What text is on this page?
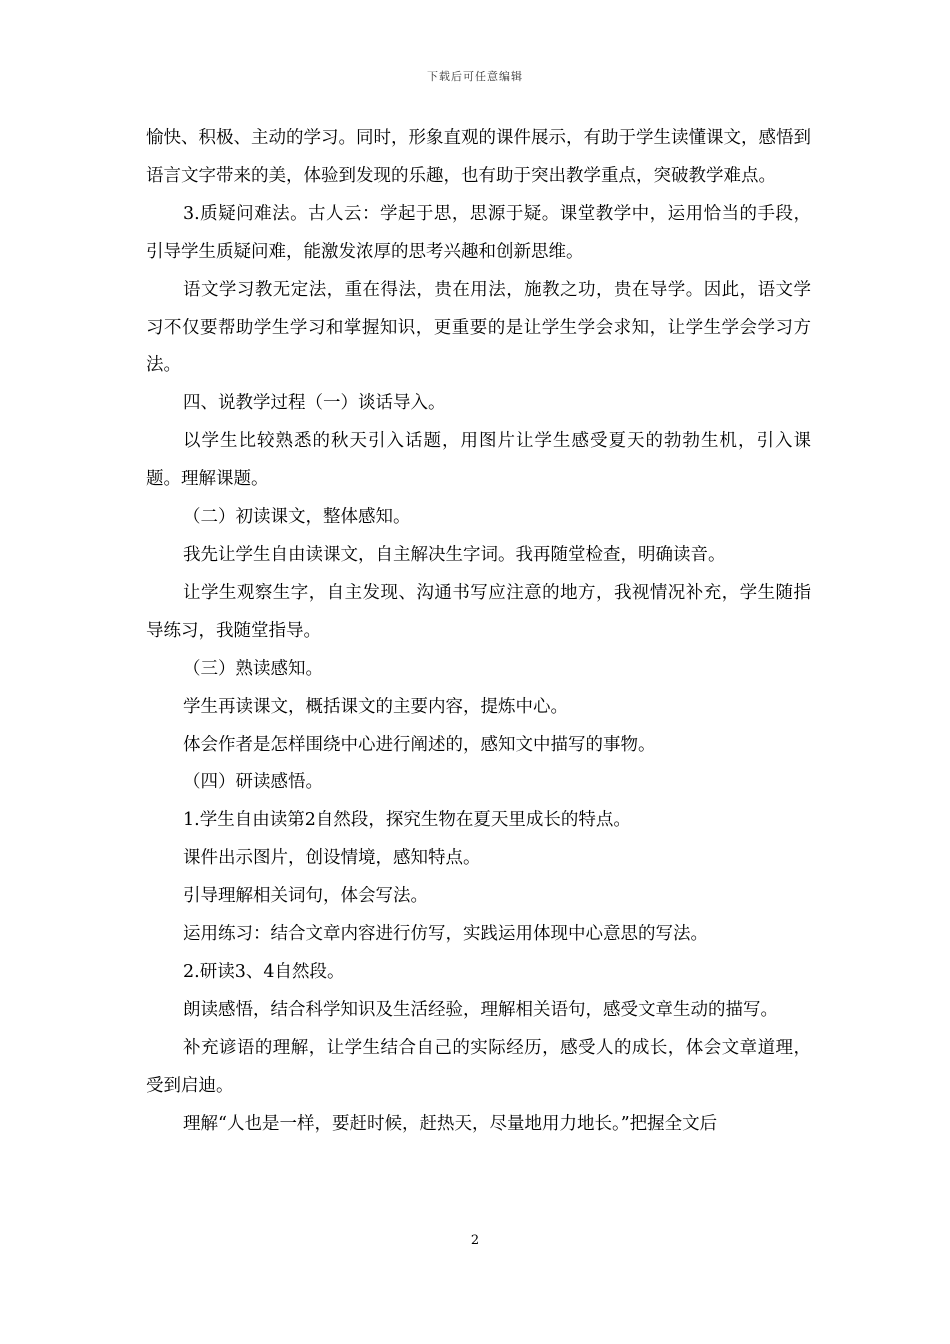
下载后可任意编辑

愉快、积极、主动的学习。同时，形象直观的课件展示，有助于学生读懂课文，感悟到语言文字带来的美，体验到发现的乐趣，也有助于突出教学重点，突破教学难点。

3.质疑问难法。古人云：学起于思，思源于疑。课堂教学中，运用恰当的手段，引导学生质疑问难，能激发浓厚的思考兴趣和创新思维。

语文学习教无定法，重在得法，贵在用法，施教之功，贵在导学。因此，语文学习不仅要帮助学生学习和掌握知识，更重要的是让学生学会求知，让学生学会学习方法。

四、说教学过程（一）谈话导入。

以学生比较熟悉的秋天引入话题，用图片让学生感受夏天的勃勃生机，引入课题。理解课题。

（二）初读课文，整体感知。

我先让学生自由读课文，自主解决生字词。我再随堂检查，明确读音。

让学生观察生字，自主发现、沟通书写应注意的地方，我视情况补充，学生随指导练习，我随堂指导。

（三）熟读感知。

学生再读课文，概括课文的主要内容，提炼中心。

体会作者是怎样围绕中心进行阐述的，感知文中描写的事物。

（四）研读感悟。

1.学生自由读第2自然段，探究生物在夏天里成长的特点。

课件出示图片，创设情境，感知特点。

引导理解相关词句，体会写法。

运用练习：结合文章内容进行仿写，实践运用体现中心意思的写法。

2.研读3、4自然段。

朗读感悟，结合科学知识及生活经验，理解相关语句，感受文章生动的描写。

补充谚语的理解，让学生结合自己的实际经历，感受人的成长，体会文章道理，受到启迪。

理解“人也是一样，要赶时候，赶热天，尽量地用力地长。”把握全文后

2
